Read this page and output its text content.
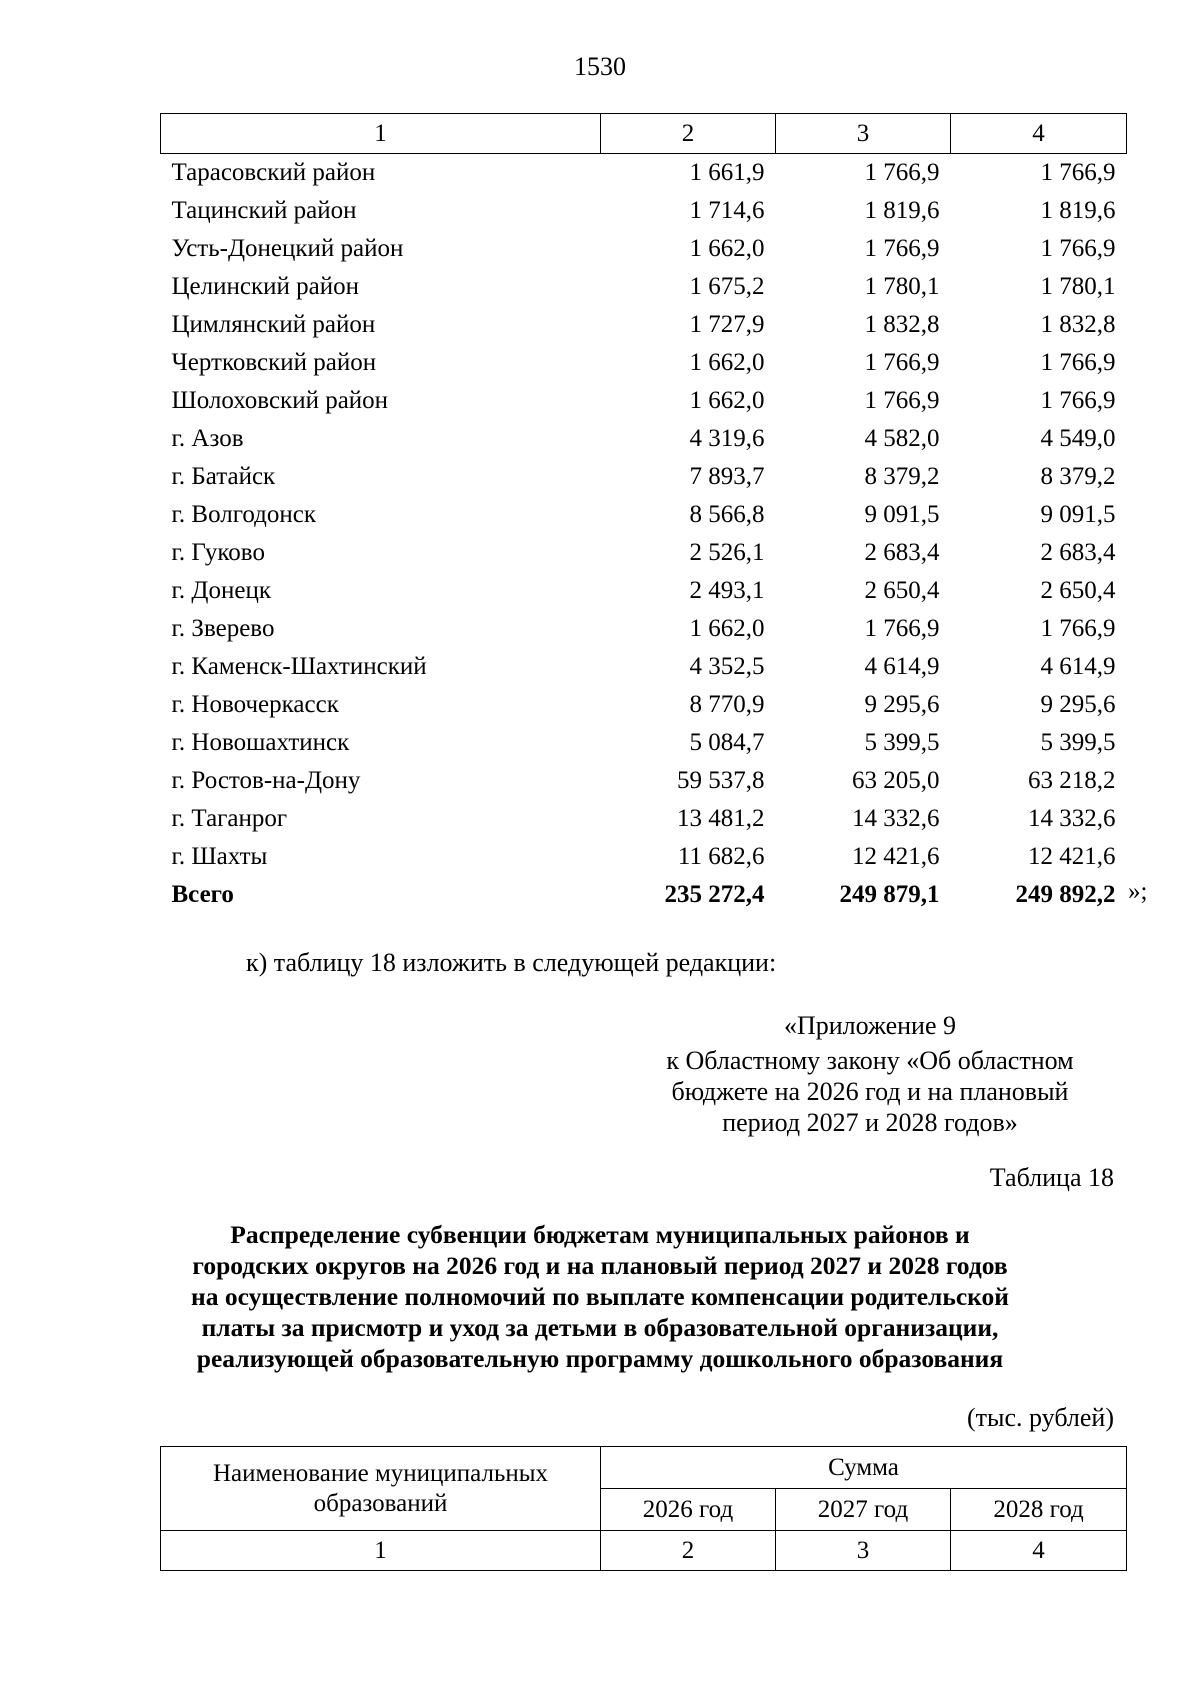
1530
1	2	3	4
Тарасовский район	1 661,9	1 766,9	1 766,9
Тацинский район	1 714,6	1 819,6	1 819,6
Усть-Донецкий район	1 662,0	1 766,9	1 766,9
Целинский район	1 675,2	1 780,1	1 780,1
Цимлянский район	1 727,9	1 832,8	1 832,8
Чертковский район	1 662,0	1 766,9	1 766,9
Шолоховский район	1 662,0	1 766,9	1 766,9
г. Азов	4 319,6	4 582,0	4 549,0
г. Батайск	7 893,7	8 379,2	8 379,2
г. Волгодонск	8 566,8	9 091,5	9 091,5
г. Гуково	2 526,1	2 683,4	2 683,4
г. Донецк	2 493,1	2 650,4	2 650,4
г. Зверево	1 662,0	1 766,9	1 766,9
г. Каменск-Шахтинский	4 352,5	4 614,9	4 614,9
г. Новочеркасск	8 770,9	9 295,6	9 295,6
г. Новошахтинск	5 084,7	5 399,5	5 399,5
г. Ростов-на-Дону	59 537,8	63 205,0	63 218,2
г. Таганрог	13 481,2	14 332,6	14 332,6
г. Шахты	11 682,6	12 421,6	12 421,6
Всего	235 272,4	249 879,1	249 892,2 »;
к) таблицу 18 изложить в следующей редакции:
«Приложение 9
к Областному закону «Об областном
бюджете на 2026 год и на плановый
период 2027 и 2028 годов»
Таблица 18
Распределение субвенции бюджетам муниципальных районов и
городских округов на 2026 год и на плановый период 2027 и 2028 годов
на осуществление полномочий по выплате компенсации родительской
платы за присмотр и уход за детьми в образовательной организации,
реализующей образовательную программу дошкольного образования
(тыс. рублей)
Наименование муниципальных
образований	Сумма		
	2026 год	2027 год	2028 год
1	2	3	4
